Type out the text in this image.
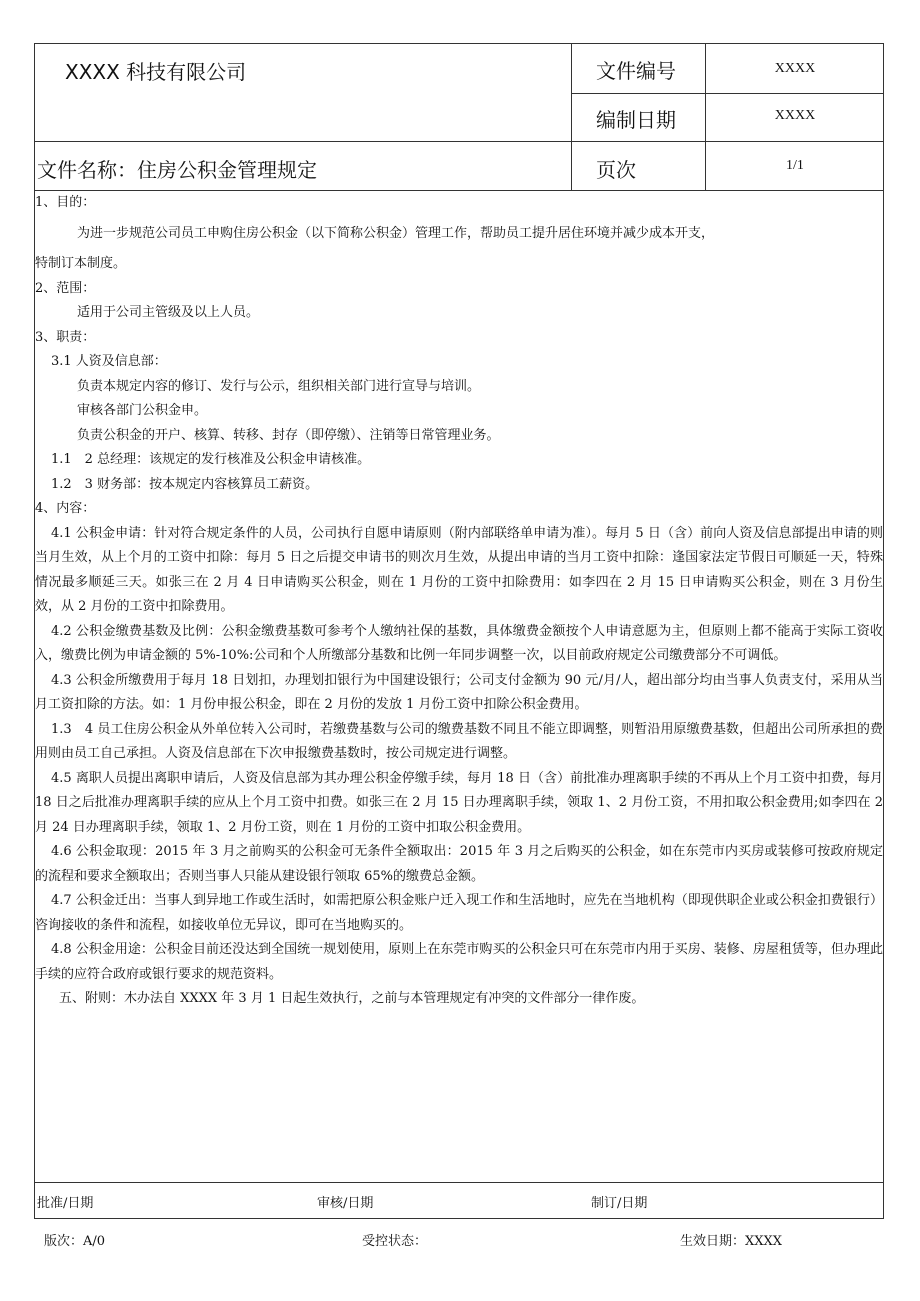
XXXX 科技有限公司	文件编号	XXXX
编制日期	XXXX
文件名称：住房公积金管理规定	页次	1/1

1、目的：

为进一步规范公司员工申购住房公积金（以下简称公积金）管理工作，帮助员工提升居住环境并减少成本开支，

特制订本制度。

2、范围：

适用于公司主管级及以上人员。

3、职责：

3.1 人资及信息部：

负责本规定内容的修订、发行与公示，组织相关部门进行宣导与培训。

审核各部门公积金申。

负责公积金的开户、核算、转移、封存（即停缴）、注销等日常管理业务。

1.1　2 总经理：该规定的发行核准及公积金申请核准。

1.2　3 财务部：按本规定内容核算员工薪资。

4、内容：

4.1 公积金申请：针对符合规定条件的人员，公司执行自愿申请原则（附内部联络单申请为准）。每月 5 日（含）前向人资及信息部提出申请的则当月生效，从上个月的工资中扣除：每月 5 日之后提交申请书的则次月生效，从提出申请的当月工资中扣除：逢国家法定节假日可顺延一天，特殊情况最多顺延三天。如张三在 2 月 4 日申请购买公积金，则在 1 月份的工资中扣除费用：如李四在 2 月 15 日申请购买公积金，则在 3 月份生效，从 2 月份的工资中扣除费用。

4.2 公积金缴费基数及比例：公积金缴费基数可参考个人缴纳社保的基数，具体缴费金额按个人申请意愿为主，但原则上都不能高于实际工资收入，缴费比例为申请金额的 5%-10%:公司和个人所缴部分基数和比例一年同步调整一次，以目前政府规定公司缴费部分不可调低。

4.3 公积金所缴费用于每月 18 日划扣，办理划扣银行为中国建设银行；公司支付金额为 90 元/月/人，超出部分均由当事人负责支付，采用从当月工资扣除的方法。如：1 月份申报公积金，即在 2 月份的发放 1 月份工资中扣除公积金费用。

1.3　4 员工住房公积金从外单位转入公司时，若缴费基数与公司的缴费基数不同且不能立即调整，则暂沿用原缴费基数，但超出公司所承担的费用则由员工自己承担。人资及信息部在下次申报缴费基数时，按公司规定进行调整。

4.5 离职人员提出离职申请后，人资及信息部为其办理公积金停缴手续，每月 18 日（含）前批准办理离职手续的不再从上个月工资中扣费，每月 18 日之后批准办理离职手续的应从上个月工资中扣费。如张三在 2 月 15 日办理离职手续，领取 1、2 月份工资，不用扣取公积金费用;如李四在 2 月 24 日办理离职手续，领取 1、2 月份工资，则在 1 月份的工资中扣取公积金费用。

4.6 公积金取现：2015 年 3 月之前购买的公积金可无条件全额取出：2015 年 3 月之后购买的公积金，如在东莞市内买房或装修可按政府规定的流程和要求全额取出；否则当事人只能从建设银行领取 65%的缴费总金额。

4.7 公积金迁出：当事人到异地工作或生活时，如需把原公积金账户迁入现工作和生活地时，应先在当地机构（即现供职企业或公积金扣费银行）咨询接收的条件和流程，如接收单位无异议，即可在当地购买的。

4.8 公积金用途：公积金目前还没达到全国统一规划使用，原则上在东莞市购买的公积金只可在东莞市内用于买房、装修、房屋租赁等，但办理此手续的应符合政府或银行要求的规范资料。

五、附则：木办法自 XXXX 年 3 月 1 日起生效执行，之前与本管理规定有冲突的文件部分一律作废。

批准/日期	审核/日期	制订/日期
版次：A/0	受控状态：	生效日期：XXXX
